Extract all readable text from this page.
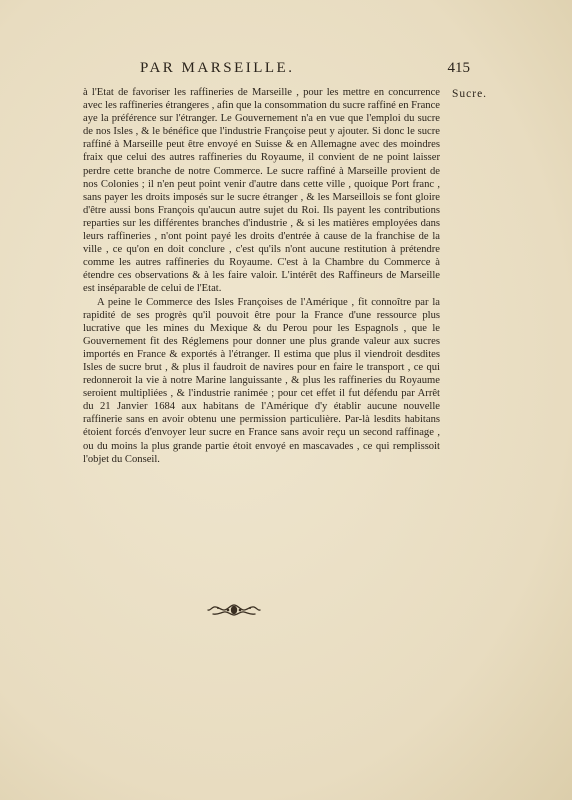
PAR MARSEILLE.	415
Sucre.

à l'Etat de favoriser les raffineries de Marseille , pour les mettre en concurrence avec les raffineries étrangeres , afin que la consommation du sucre raffiné en France aye la préférence sur l'étranger. Le Gouvernement n'a en vue que l'emploi du sucre de nos Isles , & le bénéfice que l'industrie Françoise peut y ajouter. Si donc le sucre raffiné à Marseille peut être envoyé en Suisse & en Allemagne avec des moindres fraix que celui des autres raffineries du Royaume, il convient de ne point laisser perdre cette branche de notre Commerce. Le sucre raffiné à Marseille provient de nos Colonies ; il n'en peut point venir d'autre dans cette ville , quoique Port franc , sans payer les droits imposés sur le sucre étranger , & les Marseillois se font gloire d'être aussi bons François qu'aucun autre sujet du Roi. Ils payent les contributions reparties sur les différentes branches d'industrie , & si les matières employées dans leurs raffineries , n'ont point payé les droits d'entrée à cause de la franchise de la ville , ce qu'on en doit conclure , c'est qu'ils n'ont aucune restitution à prétendre comme les autres raffineries du Royaume. C'est à la Chambre du Commerce à étendre ces observations & à les faire valoir. L'intérêt des Raffineurs de Marseille est inséparable de celui de l'Etat.

A peine le Commerce des Isles Françoises de l'Amérique , fit connoître par la rapidité de ses progrès qu'il pouvoit être pour la France d'une ressource plus lucrative que les mines du Mexique & du Perou pour les Espagnols , que le Gouvernement fit des Réglemens pour donner une plus grande valeur aux sucres importés en France & exportés à l'étranger. Il estima que plus il viendroit desdites Isles de sucre brut , & plus il faudroit de navires pour en faire le transport , ce qui redonneroit la vie à notre Marine languissante , & plus les raffineries du Royaume seroient multipliées , & l'industrie ranimée ; pour cet effet il fut défendu par Arrêt du 21 Janvier 1684 aux habitans de l'Amérique d'y établir aucune nouvelle raffinerie sans en avoir obtenu une permission particulière. Par-là lesdits habitans étoient forcés d'envoyer leur sucre en France sans avoir reçu un second raffinage , ou du moins la plus grande partie étoit envoyé en mascavades , ce qui remplissoit l'objet du Conseil.
